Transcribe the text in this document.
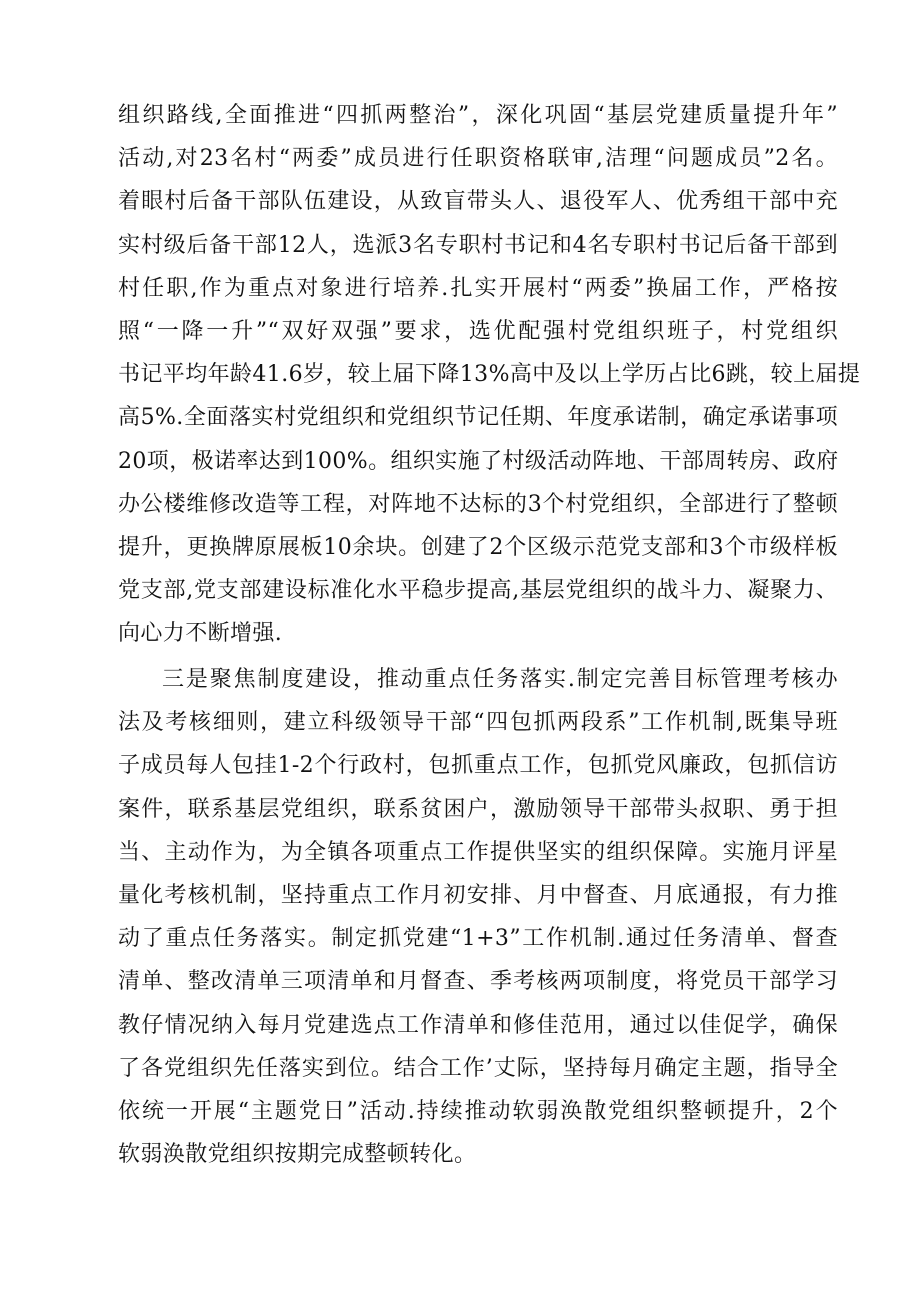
组织路线,全面推进“四抓两整治”，深化巩固“基层党建质量提升年”
活动,对23名村“两委”成员进行任职资格联审,洁理“问题成员”2名。
着眼村后备干部队伍建设，从致盲带头人、退役军人、优秀组干部中充
实村级后备干部12人，选派3名专职村书记和4名专职村书记后备干部到
村任职,作为重点对象进行培养.扎实开展村“两委”换届工作，严格按
照“一降一升”“双好双强”要求，选优配强村党组织班子，村党组织
书记平均年龄41.6岁，较上届下降13%高中及以上学历占比6跳，较上届提
高5%.全面落实村党组织和党组织节记任期、年度承诺制，确定承诺事项
20项，极诺率达到100%。组织实施了村级活动阵地、干部周转房、政府
办公楼维修改造等工程，对阵地不达标的3个村党组织，全部进行了整顿
提升，更换牌原展板10余块。创建了2个区级示范党支部和3个市级样板
党支部,党支部建设标准化水平稳步提高,基层党组织的战斗力、凝聚力、
向心力不断增强.

三是聚焦制度建设，推动重点任务落实.制定完善目标管理考核办
法及考核细则，建立科级领导干部“四包抓两段系”工作机制,既集导班
子成员每人包挂1-2个行政村，包抓重点工作，包抓党风廉政，包抓信访
案件，联系基层党组织，联系贫困户，激励领导干部带头叔职、勇于担
当、主动作为，为全镇各项重点工作提供坚实的组织保障。实施月评星
量化考核机制，坚持重点工作月初安排、月中督查、月底通报，有力推
动了重点任务落实。制定抓党建“1+3”工作机制.通过任务清单、督查
清单、整改清单三项清单和月督查、季考核两项制度，将党员干部学习
教仔情况纳入每月党建选点工作清单和修佳范用，通过以佳促学，确保
了各党组织先任落实到位。结合工作’丈际，坚持每月确定主题，指导全
依统一开展“主题党日”活动.持续推动软弱涣散党组织整顿提升，2个
软弱涣散党组织按期完成整顿转化。
